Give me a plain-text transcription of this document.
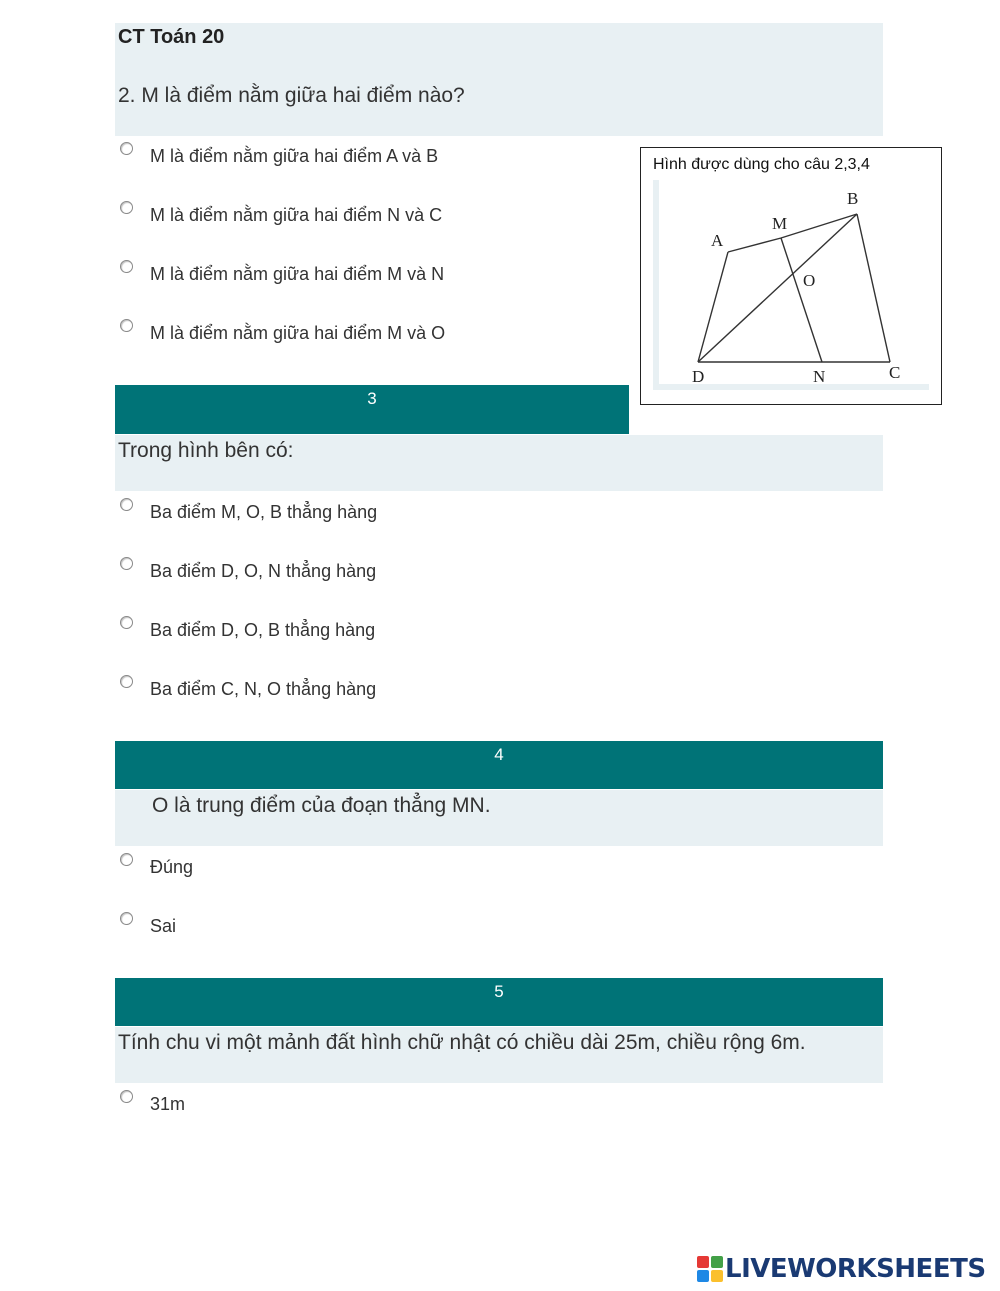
CT Toán 20
2. M là điểm nằm giữa hai điểm nào?
M là điểm nằm giữa hai điểm A và B
M là điểm nằm giữa hai điểm N và C
M là điểm nằm giữa hai điểm M và N
M là điểm nằm giữa hai điểm M và O
Hình được dùng cho câu 2,3,4
A
M
B
O
D	N	C
3
Trong hình bên có:
Ba điểm M, O, B thẳng hàng
Ba điểm D, O, N thẳng hàng
Ba điểm D, O, B thẳng hàng
Ba điểm C, N, O thẳng hàng
4
O là trung điểm của đoạn thẳng MN.
Đúng
Sai
5
Tính chu vi một mảnh đất hình chữ nhật có chiều dài 25m, chiều rộng 6m.
31m
LIVEWORKSHEETS
